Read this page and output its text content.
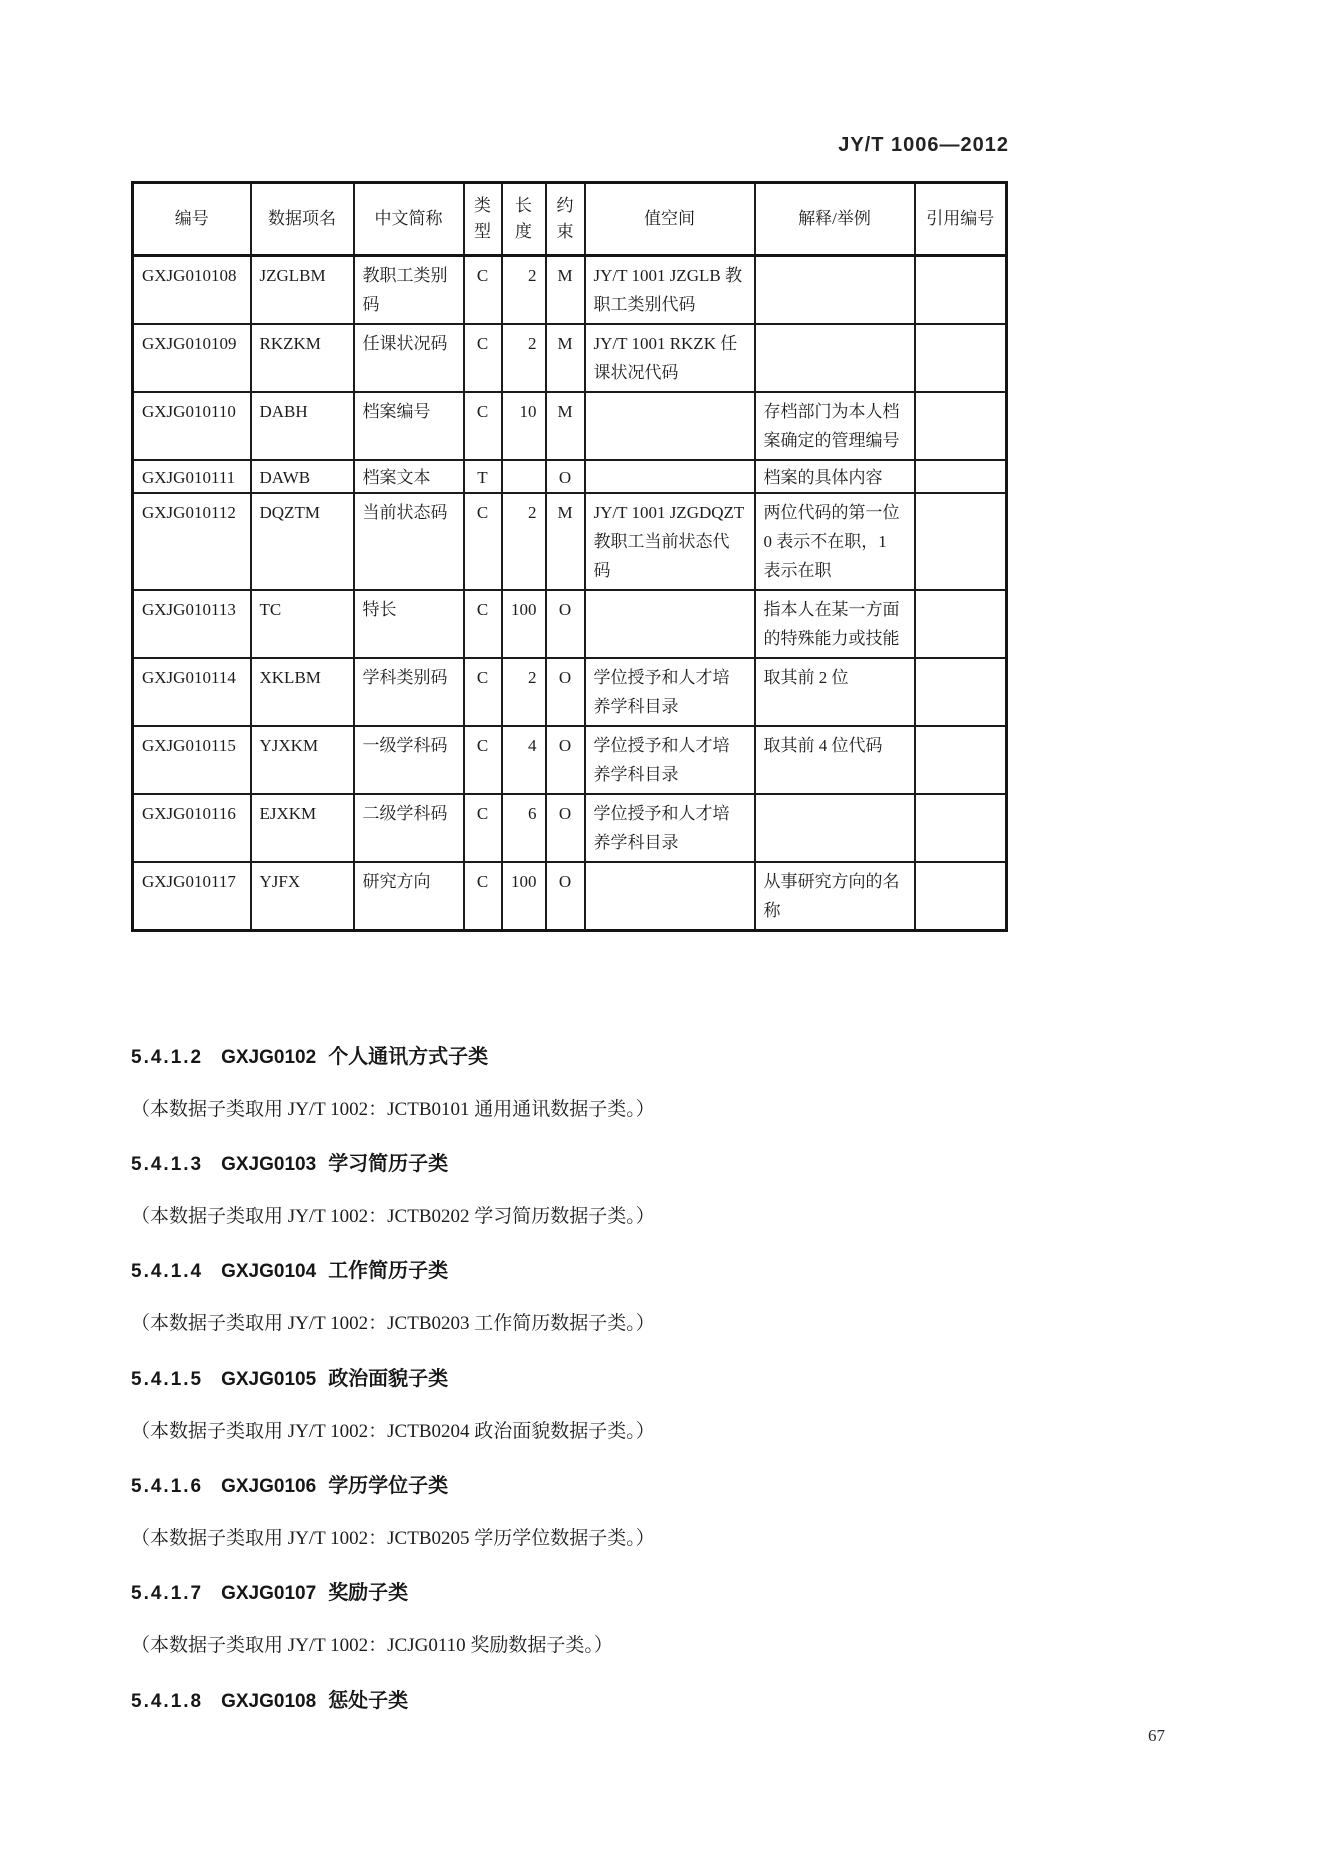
JY/T 1006—2012
编号	数据项名	中文简称	类型	长度	约束	值空间	解释/举例	引用编号
GXJG010108	JZGLBM	教职工类别码	C	2	M	JY/T 1001 JZGLB 教职工类别代码		
GXJG010109	RKZKM	任课状况码	C	2	M	JY/T 1001 RKZK 任课状况代码		
GXJG010110	DABH	档案编号	C	10	M		存档部门为本人档案确定的管理编号	
GXJG010111	DAWB	档案文本	T		O		档案的具体内容	
GXJG010112	DQZTM	当前状态码	C	2	M	JY/T 1001 JZGDQZT 教职工当前状态代码	两位代码的第一位 0 表示不在职，1 表示在职	
GXJG010113	TC	特长	C	100	O		指本人在某一方面的特殊能力或技能	
GXJG010114	XKLBM	学科类别码	C	2	O	学位授予和人才培养学科目录	取其前 2 位	
GXJG010115	YJXKM	一级学科码	C	4	O	学位授予和人才培养学科目录	取其前 4 位代码	
GXJG010116	EJXKM	二级学科码	C	6	O	学位授予和人才培养学科目录		
GXJG010117	YJFX	研究方向	C	100	O		从事研究方向的名称	
5.4.1.2 GXJG0102 个人通讯方式子类
（本数据子类取用 JY/T 1002：JCTB0101 通用通讯数据子类。）
5.4.1.3 GXJG0103 学习简历子类
（本数据子类取用 JY/T 1002：JCTB0202 学习简历数据子类。）
5.4.1.4 GXJG0104 工作简历子类
（本数据子类取用 JY/T 1002：JCTB0203 工作简历数据子类。）
5.4.1.5 GXJG0105 政治面貌子类
（本数据子类取用 JY/T 1002：JCTB0204 政治面貌数据子类。）
5.4.1.6 GXJG0106 学历学位子类
（本数据子类取用 JY/T 1002：JCTB0205 学历学位数据子类。）
5.4.1.7 GXJG0107 奖励子类
（本数据子类取用 JY/T 1002：JCJG0110 奖励数据子类。）
5.4.1.8 GXJG0108 惩处子类
67
